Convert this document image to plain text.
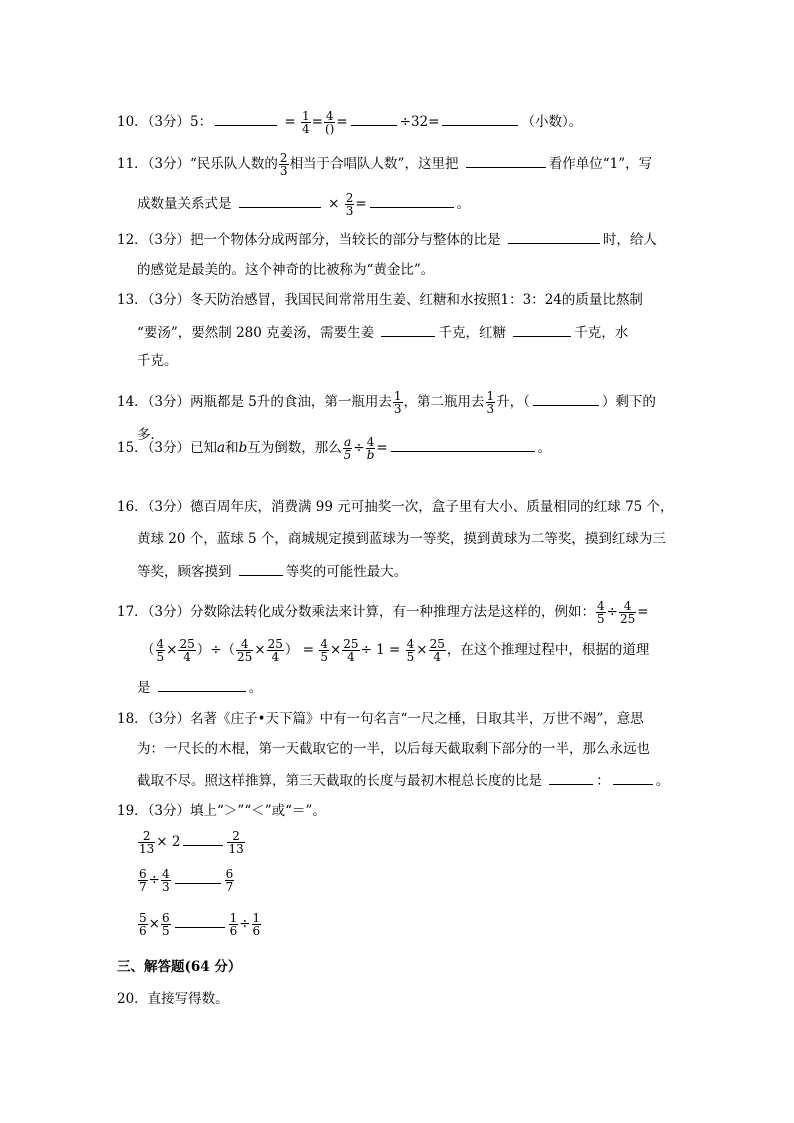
10．（3分）5：	= $\frac{1}{4} = \frac{4}{()}$ =	÷32=	（小数）。
11．（3分）“民乐队人数的 $\frac{2}{3}$ 相当于合唱队人数”，这里把	看作单位“1”，写
成数量关系式是	× $\frac{2}{3}$ =	。
12．（3分）把一个物体分成两部分，当较长的部分与整体的比是	时，给人
的感觉是最美的。这个神奇的比被称为“黄金比”。
13．（3分）冬天防治感冒，我国民间常常用生姜、红糖和水按照1：3：24的质量比熬制
“要汤”，要然制 280 克姜汤，需要生姜	千克，红糖	千克，水
千克。
14．（3分）两瓶都是 5升的食油，第一瓶用去 $\frac{1}{3}$ ，第二瓶用去 $\frac{1}{3}$ 升，（	）剩下的
多．
15．（3分）已知a和b互为倒数，那么 $\frac{a}{5} \div \frac{4}{b}$ =	。
16．（3分）德百周年庆，消费满 99 元可抽奖一次，盒子里有大小、质量相同的红球 75 个，
黄球 20 个，蓝球 5 个，商城规定摸到蓝球为一等奖，摸到黄球为二等奖，摸到红球为三
等奖，顾客摸到	等奖的可能性最大。
17．（3分）分数除法转化成分数乘法来计算，有一种推理方法是这样的，例如： $\frac{4}{5} \div \frac{4}{25}$ =
（ $\frac{4}{5} \times \frac{25}{4}$ ）÷（ $\frac{4}{25} \times \frac{25}{4}$ ） = $\frac{4}{5} \times \frac{25}{4} \div 1 = \frac{4}{5} \times \frac{25}{4}$ ，在这个推理过程中，根据的道理
是	。
18．（3分）名著《庄子•天下篇》中有一句名言“一尺之棰，日取其半，万世不竭”，意思
为：一尺长的木棍，第一天截取它的一半，以后每天截取剩下部分的一半，那么永远也
截取不尽。照这样推算，第三天截取的长度与最初木棍总长度的比是	：	。
19．（3分）填上“＞”“＜”或“＝”。
$\frac{2}{13} \times 2$	$\frac{2}{13}$
$\frac{6}{7} \div \frac{4}{3}$	$\frac{6}{7}$
$\frac{5}{6} \times \frac{6}{5}$	$\frac{1}{6} \div \frac{1}{6}$
三、解答题(64 分）
20．直接写得数。
